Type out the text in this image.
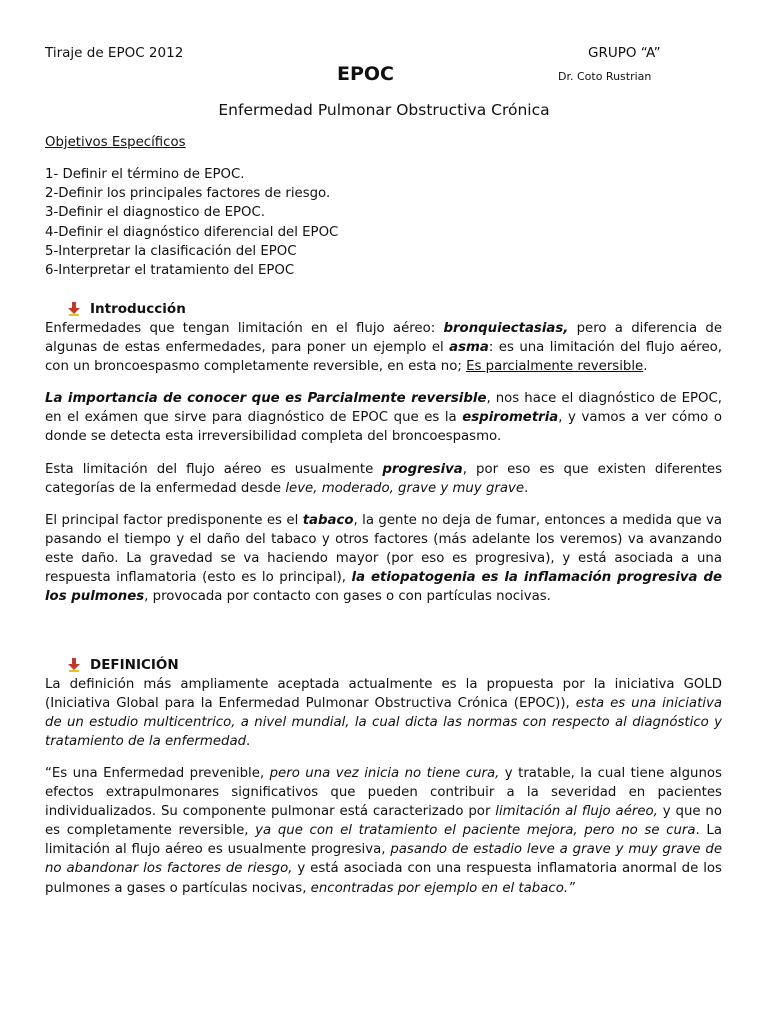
Tiraje de EPOC 2012	GRUPO “A”
EPOC	Dr. Coto Rustrian
Enfermedad Pulmonar Obstructiva Crónica
Objetivos Específicos
1- Definir el término de EPOC.
2-Definir los principales factores de riesgo.
3-Definir el diagnostico de EPOC.
4-Definir el diagnóstico diferencial del EPOC
5-Interpretar la clasificación del EPOC
6-Interpretar el tratamiento del EPOC
Introducción
Enfermedades que tengan limitación en el flujo aéreo: bronquiectasias, pero a diferencia de algunas de estas enfermedades, para poner un ejemplo el asma: es una limitación del flujo aéreo, con un broncoespasmo completamente reversible, en esta no; Es parcialmente reversible.
La importancia de conocer que es Parcialmente reversible, nos hace el diagnóstico de EPOC, en el exámen que sirve para diagnóstico de EPOC que es la espirometria, y vamos a ver cómo o donde se detecta esta irreversibilidad completa del broncoespasmo.
Esta limitación del flujo aéreo es usualmente progresiva, por eso es que existen diferentes categorías de la enfermedad desde leve, moderado, grave y muy grave.
El principal factor predisponente es el tabaco, la gente no deja de fumar, entonces a medida que va pasando el tiempo y el daño del tabaco y otros factores (más adelante los veremos) va avanzando este daño. La gravedad se va haciendo mayor (por eso es progresiva), y está asociada a una respuesta inflamatoria (esto es lo principal), la etiopatogenia es la inflamación progresiva de los pulmones, provocada por contacto con gases o con partículas nocivas.
DEFINICIÓN
La definición más ampliamente aceptada actualmente es la propuesta por la iniciativa GOLD (Iniciativa Global para la Enfermedad Pulmonar Obstructiva Crónica (EPOC)), esta es una iniciativa de un estudio multicentrico, a nivel mundial, la cual dicta las normas con respecto al diagnóstico y tratamiento de la enfermedad.
“Es una Enfermedad prevenible, pero una vez inicia no tiene cura, y tratable, la cual tiene algunos efectos extrapulmonares significativos que pueden contribuir a la severidad en pacientes individualizados. Su componente pulmonar está caracterizado por limitación al flujo aéreo, y que no es completamente reversible, ya que con el tratamiento el paciente mejora, pero no se cura. La limitación al flujo aéreo es usualmente progresiva, pasando de estadio leve a grave y muy grave de no abandonar los factores de riesgo, y está asociada con una respuesta inflamatoria anormal de los pulmones a gases o partículas nocivas, encontradas por ejemplo en el tabaco.”
